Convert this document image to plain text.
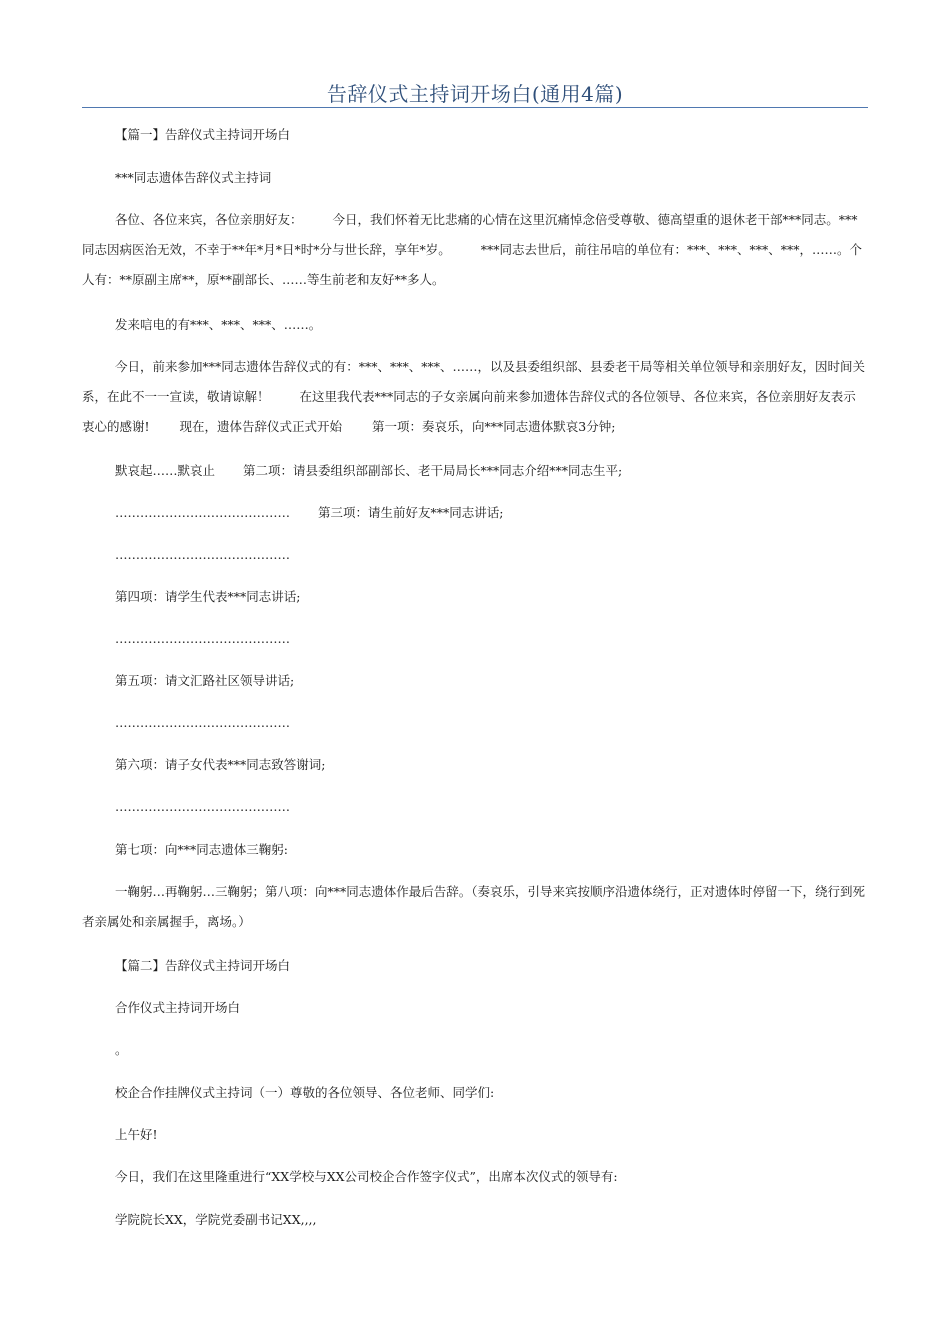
告辞仪式主持词开场白(通用4篇)

【篇一】告辞仪式主持词开场白

***同志遗体告辞仪式主持词

各位、各位来宾，各位亲朋好友： 今日，我们怀着无比悲痛的心情在这里沉痛悼念倍受尊敬、德高望重的退休老干部***同志。***同志因病医治无效，不幸于**年*月*日*时*分与世长辞，享年*岁。 ***同志去世后，前往吊唁的单位有：***、***、***、***，……。个人有：**原副主席**，原**副部长、……等生前老和友好**多人。

发来唁电的有***、***、***、……。

今日，前来参加***同志遗体告辞仪式的有：***、***、***、……，以及县委组织部、县委老干局等相关单位领导和亲朋好友，因时间关系，在此不一一宣读，敬请谅解！ 在这里我代表***同志的子女亲属向前来参加遗体告辞仪式的各位领导、各位来宾，各位亲朋好友表示衷心的感谢! 现在，遗体告辞仪式正式开始 第一项：奏哀乐，向***同志遗体默哀3分钟;

默哀起……默哀止 第二项：请县委组织部副部长、老干局局长***同志介绍***同志生平;

…………………………………… 第三项：请生前好友***同志讲话;

……………………………………

第四项：请学生代表***同志讲话;

……………………………………

第五项：请文汇路社区领导讲话;

……………………………………

第六项：请子女代表***同志致答谢词;

……………………………………

第七项：向***同志遗体三鞠躬:

一鞠躬…再鞠躬…三鞠躬；第八项：向***同志遗体作最后告辞。（奏哀乐，引导来宾按顺序沿遗体绕行，正对遗体时停留一下，绕行到死者亲属处和亲属握手，离场。）

【篇二】告辞仪式主持词开场白

合作仪式主持词开场白

。

校企合作挂牌仪式主持词（一）尊敬的各位领导、各位老师、同学们:

上午好!

今日，我们在这里隆重进行“XX学校与XX公司校企合作签字仪式”，出席本次仪式的领导有:

学院院长XX，学院党委副书记XX,,,,
